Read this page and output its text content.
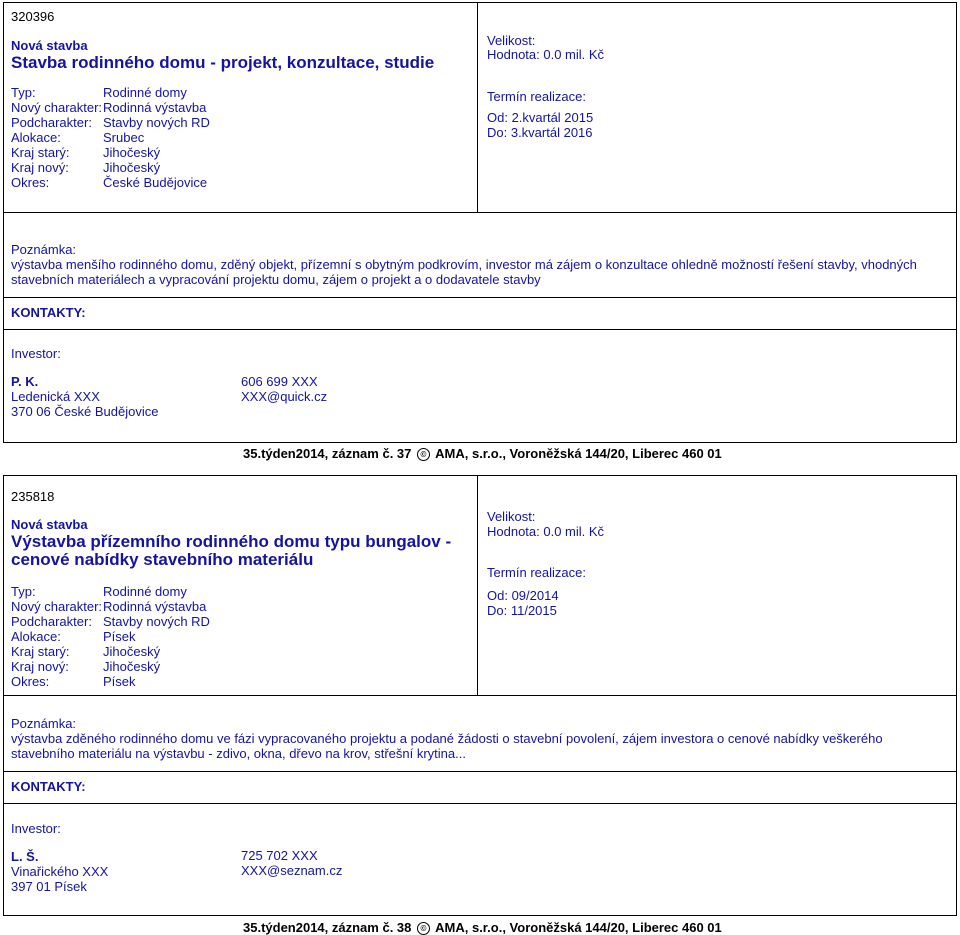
320396
Nová stavba
Stavba rodinného domu - projekt, konzultace, studie
Typ:	Rodinné domy
Nový charakter: Rodinná výstavba
Podcharakter: Stavby nových RD
Alokace:	Srubec
Kraj starý:	Jihočeský
Kraj nový:	Jihočeský
Okres:	České Budějovice
Velikost:
Hodnota: 0.0 mil. Kč
Termín realizace:
Od: 2.kvartál 2015
Do: 3.kvartál 2016
Poznámka:
výstavba menšího rodinného domu, zděný objekt, přízemní s obytným podkrovím, investor má zájem o konzultace ohledně možností řešení stavby, vhodných
stavebních materiálech a vypracování projektu domu, zájem o projekt a o dodavatele stavby
KONTAKTY:
Investor:
P. K.
Ledenická XXX
370 06 České Budějovice
606 699 XXX
XXX@quick.cz
35.týden2014, záznam č. 37 © AMA, s.r.o., Voroněžská 144/20, Liberec 460 01
235818
Nová stavba
Výstavba přízemního rodinného domu typu bungalov -
cenové nabídky stavebního materiálu
Typ:	Rodinné domy
Nový charakter: Rodinná výstavba
Podcharakter: Stavby nových RD
Alokace:	Písek
Kraj starý:	Jihočeský
Kraj nový:	Jihočeský
Okres:	Písek
Velikost:
Hodnota: 0.0 mil. Kč
Termín realizace:
Od: 09/2014
Do: 11/2015
Poznámka:
výstavba zděného rodinného domu ve fázi vypracovaného projektu a podané žádosti o stavební povolení, zájem investora o cenové nabídky veškerého
stavebního materiálu na výstavbu - zdivo, okna, dřevo na krov, střešní krytina...
KONTAKTY:
Investor:
L. Š.
Vinařického XXX
397 01 Písek
725 702 XXX
XXX@seznam.cz
35.týden2014, záznam č. 38 © AMA, s.r.o., Voroněžská 144/20, Liberec 460 01
